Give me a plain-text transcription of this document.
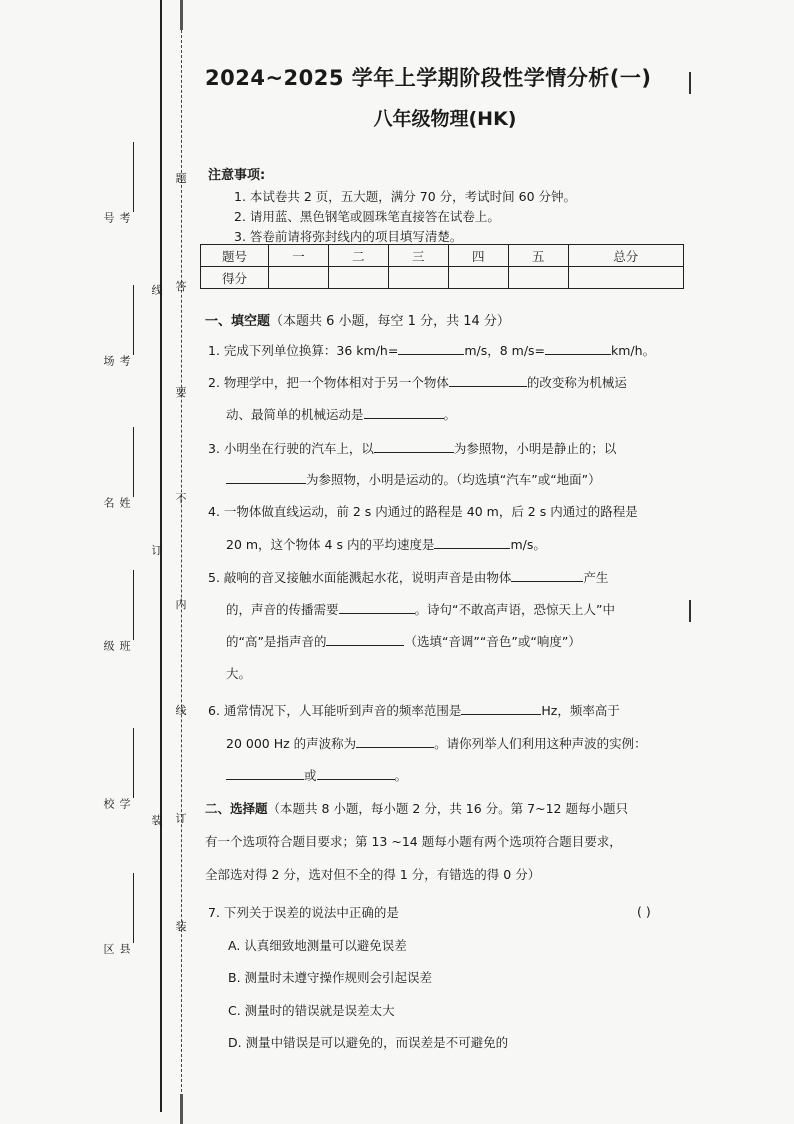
考号
考场
姓名
班级
学校
县区
题
答
要
不
内
线
订
装
线
订
装
2024~2025 学年上学期阶段性学情分析(一)
八年级物理(HK)
注意事项:
1. 本试卷共 2 页，五大题，满分 70 分，考试时间 60 分钟。
2. 请用蓝、黑色钢笔或圆珠笔直接答在试卷上。
3. 答卷前请将弥封线内的项目填写清楚。
题号	一	二	三	四	五	总分
得分						
一、填空题（本题共 6 小题，每空 1 分，共 14 分）
1. 完成下列单位换算：36 km/h=	m/s，8 m/s=	km/h。
2. 物理学中，把一个物体相对于另一个物体	的改变称为机械运
动、最简单的机械运动是	。
3. 小明坐在行驶的汽车上，以	为参照物，小明是静止的；以
为参照物，小明是运动的。（均选填“汽车”或“地面”）
4. 一物体做直线运动，前 2 s 内通过的路程是 40 m，后 2 s 内通过的路程是
20 m，这个物体 4 s 内的平均速度是	m/s。
5. 敲响的音叉接触水面能溅起水花，说明声音是由物体	产生
的，声音的传播需要	。诗句“不敢高声语，恐惊天上人”中
的“高”是指声音的	（选填“音调”“音色”或“响度”）
大。
6. 通常情况下，人耳能听到声音的频率范围是	Hz，频率高于
20 000 Hz 的声波称为	。请你列举人们利用这种声波的实例：
或	。
二、选择题（本题共 8 小题，每小题 2 分，共 16 分。第 7~12 题每小题只
有一个选项符合题目要求；第 13 ~14 题每小题有两个选项符合题目要求，
全部选对得 2 分，选对但不全的得 1 分，有错选的得 0 分）
7. 下列关于误差的说法中正确的是	( )
A. 认真细致地测量可以避免误差
B. 测量时未遵守操作规则会引起误差
C. 测量时的错误就是误差太大
D. 测量中错误是可以避免的，而误差是不可避免的
